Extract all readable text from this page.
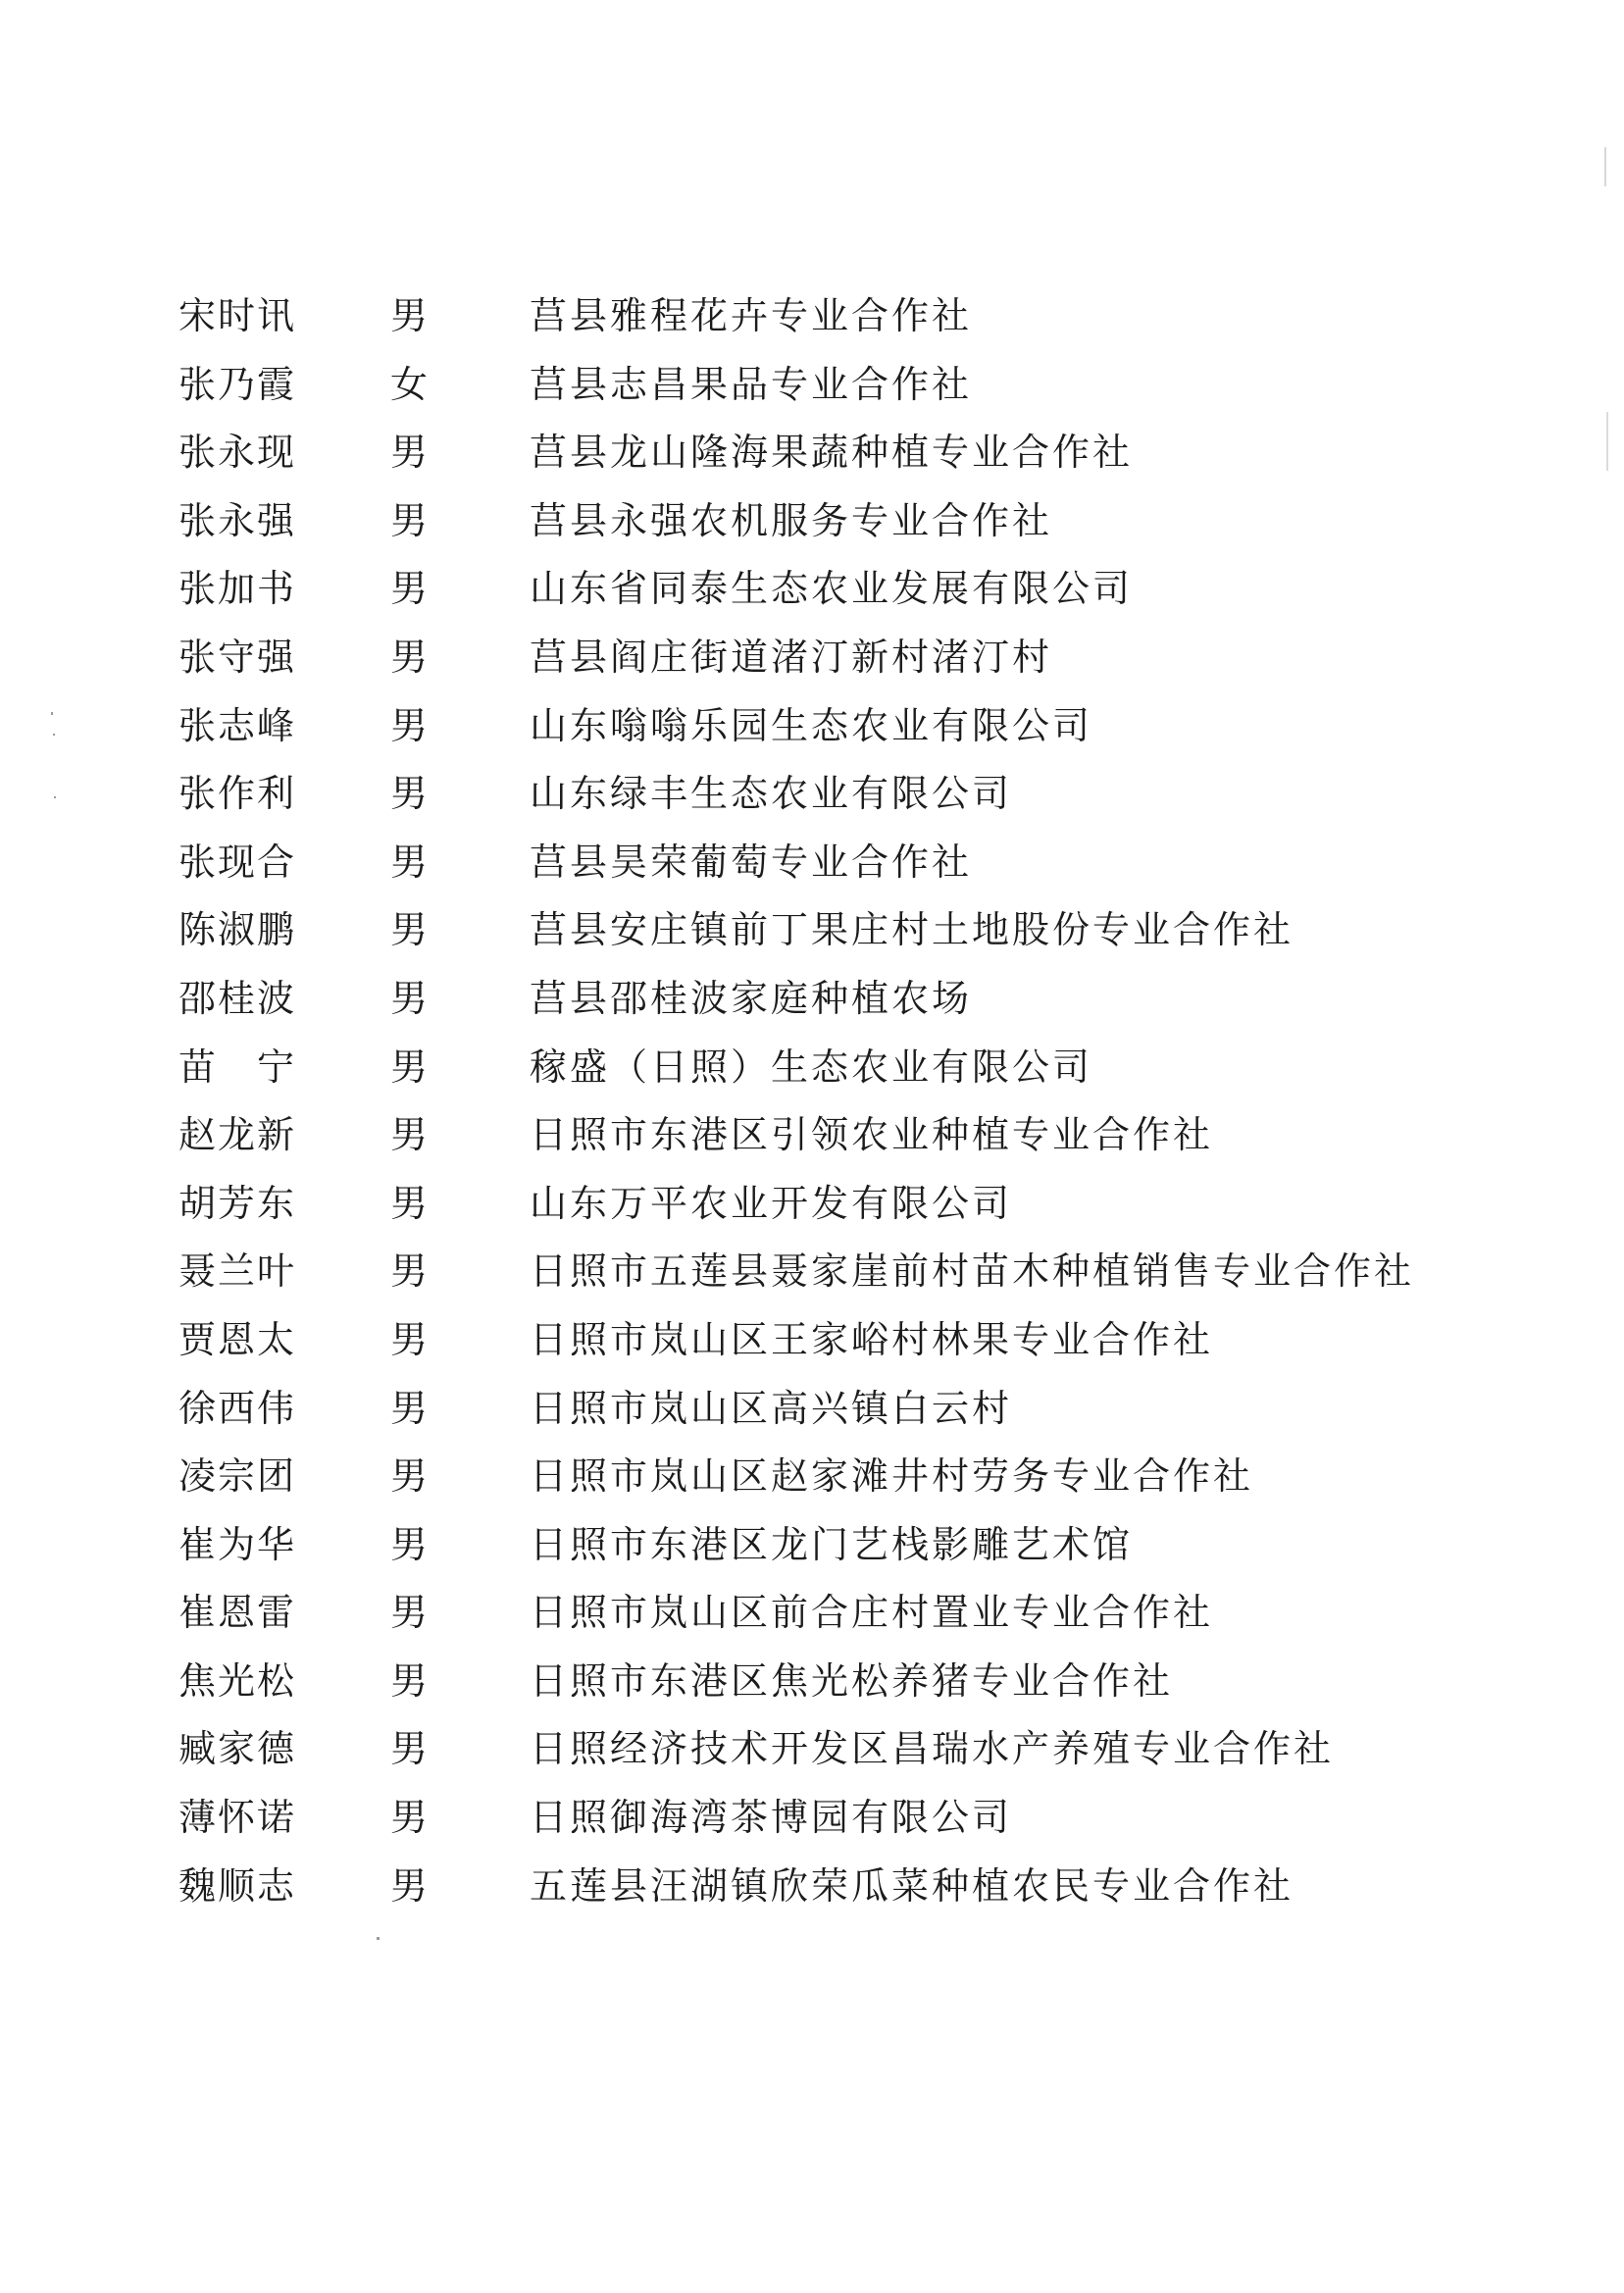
宋时讯	男	莒县雅程花卉专业合作社
张乃霞	女	莒县志昌果品专业合作社
张永现	男	莒县龙山隆海果蔬种植专业合作社
张永强	男	莒县永强农机服务专业合作社
张加书	男	山东省同泰生态农业发展有限公司
张守强	男	莒县阎庄街道渚汀新村渚汀村
张志峰	男	山东嗡嗡乐园生态农业有限公司
张作利	男	山东绿丰生态农业有限公司
张现合	男	莒县昊荣葡萄专业合作社
陈淑鹏	男	莒县安庄镇前丁果庄村土地股份专业合作社
邵桂波	男	莒县邵桂波家庭种植农场
苗　宁	男	稼盛（日照）生态农业有限公司
赵龙新	男	日照市东港区引领农业种植专业合作社
胡芳东	男	山东万平农业开发有限公司
聂兰叶	男	日照市五莲县聂家崖前村苗木种植销售专业合作社
贾恩太	男	日照市岚山区王家峪村林果专业合作社
徐西伟	男	日照市岚山区高兴镇白云村
凌宗团	男	日照市岚山区赵家滩井村劳务专业合作社
崔为华	男	日照市东港区龙门艺栈影雕艺术馆
崔恩雷	男	日照市岚山区前合庄村置业专业合作社
焦光松	男	日照市东港区焦光松养猪专业合作社
臧家德	男	日照经济技术开发区昌瑞水产养殖专业合作社
薄怀诺	男	日照御海湾茶博园有限公司
魏顺志	男	五莲县汪湖镇欣荣瓜菜种植农民专业合作社
